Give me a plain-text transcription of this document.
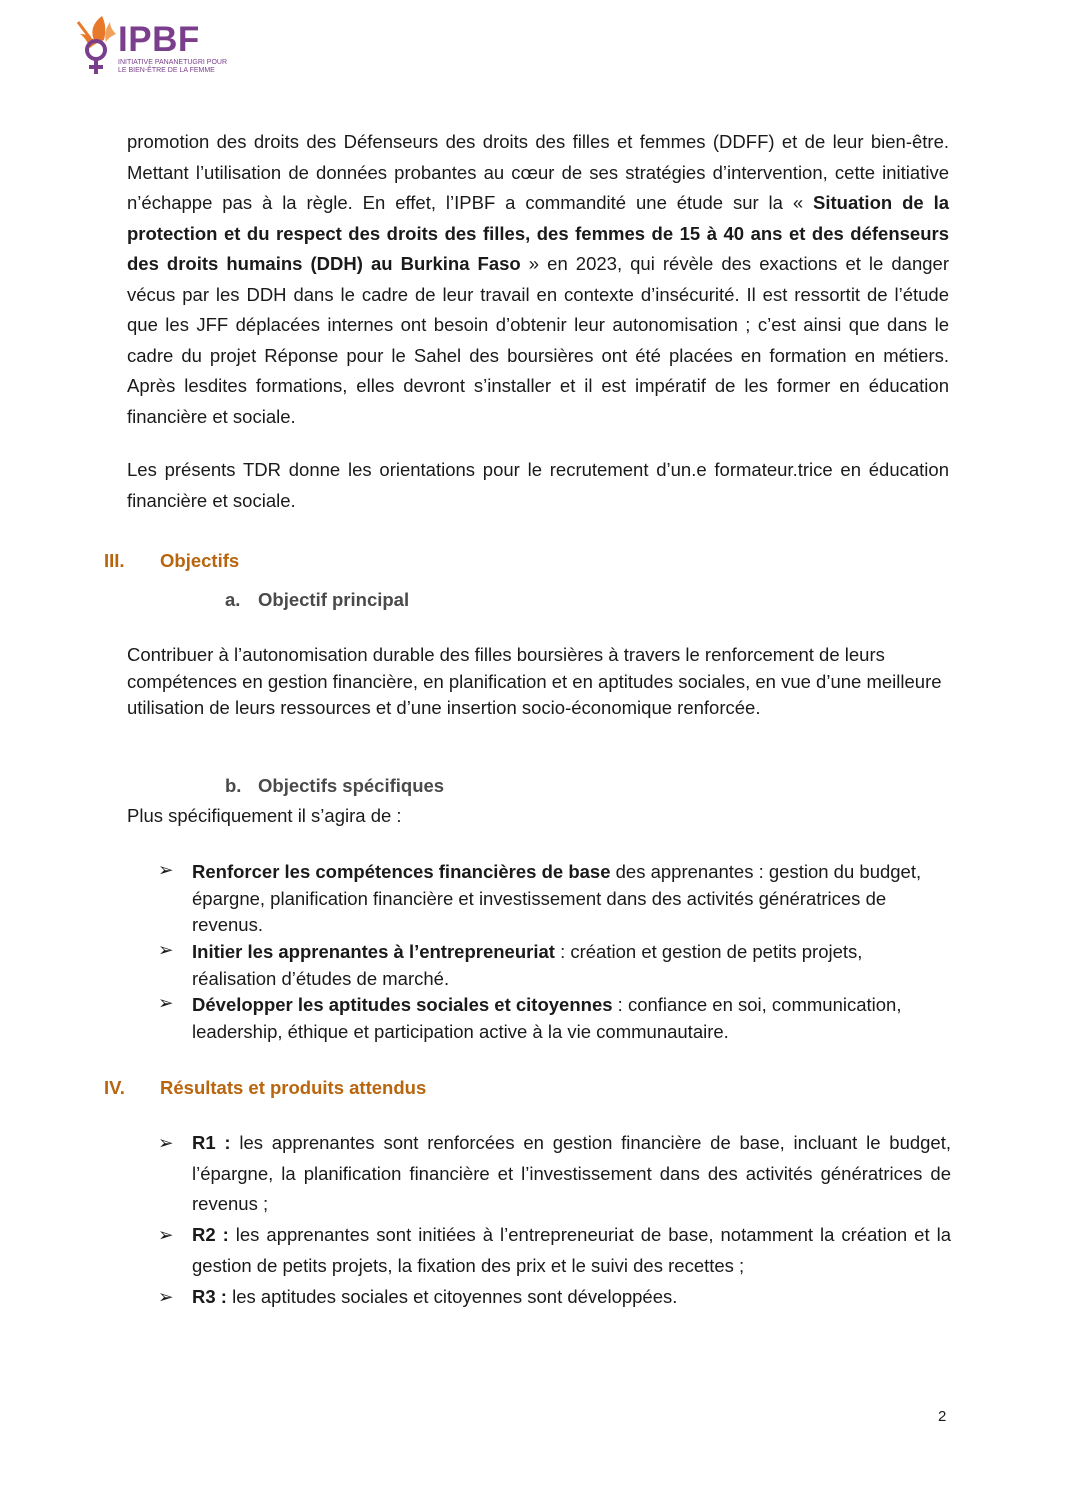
IPBF
INITIATIVE PANANETUGRI POUR
LE BIEN-ÊTRE DE LA FEMME

promotion des droits des Défenseurs des droits des filles et femmes (DDFF) et de leur bien-être. Mettant l’utilisation de données probantes au cœur de ses stratégies d’intervention, cette initiative n’échappe pas à la règle. En effet, l’IPBF a commandité une étude sur la « Situation de la protection et du respect des droits des filles, des femmes de 15 à 40 ans et des défenseurs des droits humains (DDH) au Burkina Faso » en 2023, qui révèle des exactions et le danger vécus par les DDH dans le cadre de leur travail en contexte d’insécurité. Il est ressortit de l’étude que les JFF déplacées internes ont besoin d’obtenir leur autonomisation ; c’est ainsi que dans le cadre du projet Réponse pour le Sahel des boursières ont été placées en formation en métiers. Après lesdites formations, elles devront s’installer et il est impératif de les former en éducation financière et sociale.

Les présents TDR donne les orientations pour le recrutement d’un.e formateur.trice en éducation financière et sociale.

III. Objectifs
a. Objectif principal

Contribuer à l’autonomisation durable des filles boursières à travers le renforcement de leurs compétences en gestion financière, en planification et en aptitudes sociales, en vue d’une meilleure utilisation de leurs ressources et d’une insertion socio-économique renforcée.

b. Objectifs spécifiques

Plus spécifiquement il s’agira de :

➢ Renforcer les compétences financières de base des apprenantes : gestion du budget, épargne, planification financière et investissement dans des activités génératrices de revenus.

➢ Initier les apprenantes à l’entrepreneuriat : création et gestion de petits projets, réalisation d’études de marché.

➢ Développer les aptitudes sociales et citoyennes : confiance en soi, communication, leadership, éthique et participation active à la vie communautaire.

IV. Résultats et produits attendus
➢ R1 : les apprenantes sont renforcées en gestion financière de base, incluant le budget, l’épargne, la planification financière et l’investissement dans des activités génératrices de revenus ;

➢ R2 : les apprenantes sont initiées à l’entrepreneuriat de base, notamment la création et la gestion de petits projets, la fixation des prix et le suivi des recettes ;

➢ R3 : les aptitudes sociales et citoyennes sont développées.

2
